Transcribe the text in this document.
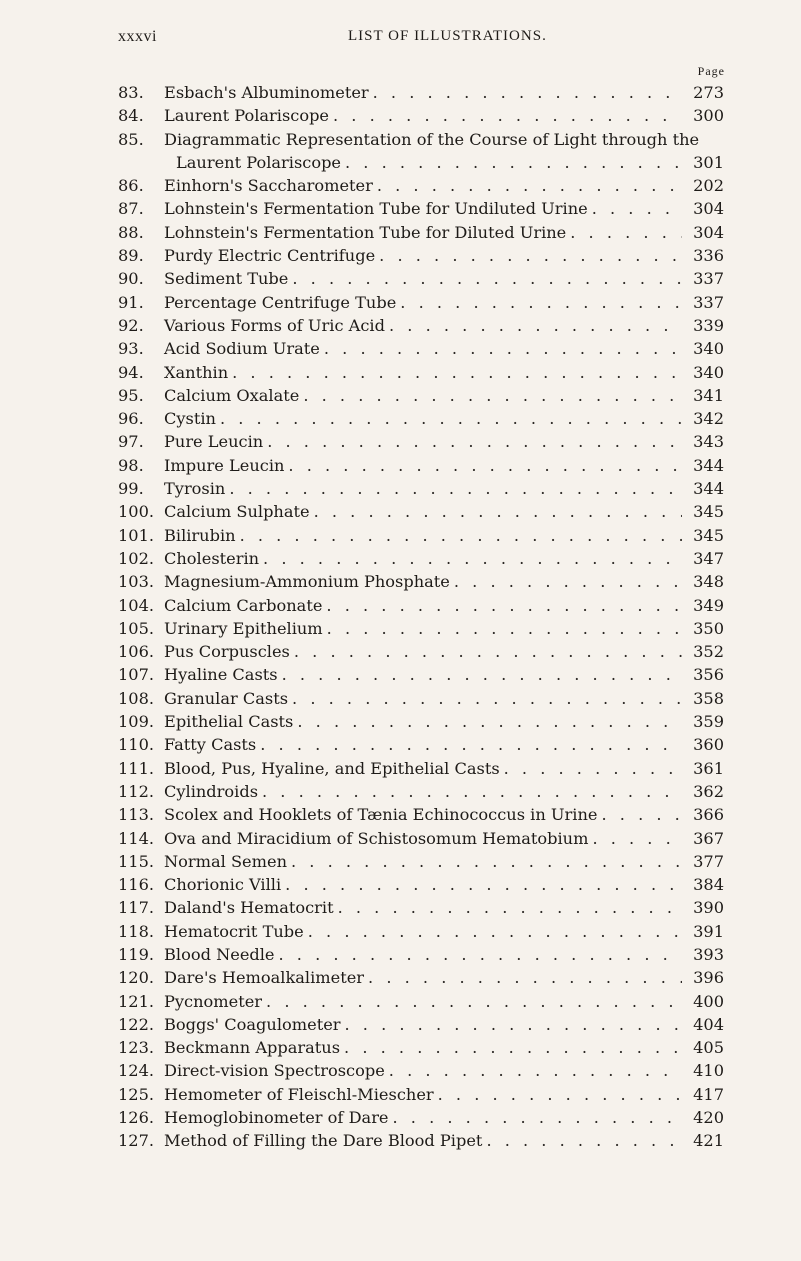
xxxvi	LIST OF ILLUSTRATIONS.
Page
83. Esbach's Albuminometer . . .	273
84. Laurent Polariscope . . .	300
85. Diagrammatic Representation of the Course of Light through the
Laurent Polariscope . . .	301
86. Einhorn's Saccharometer . . .	202
87. Lohnstein's Fermentation Tube for Undiluted Urine . . .	304
88. Lohnstein's Fermentation Tube for Diluted Urine . . .	304
89. Purdy Electric Centrifuge . . .	336
90. Sediment Tube . . .	337
91. Percentage Centrifuge Tube . . .	337
92. Various Forms of Uric Acid . . .	339
93. Acid Sodium Urate . . .	340
94. Xanthin . . .	340
95. Calcium Oxalate . . .	341
96. Cystin . . .	342
97. Pure Leucin . . .	343
98. Impure Leucin . . .	344
99. Tyrosin . . .	344
100. Calcium Sulphate . . .	345
101. Bilirubin . . .	345
102. Cholesterin . . .	347
103. Magnesium-Ammonium Phosphate . . .	348
104. Calcium Carbonate . . .	349
105. Urinary Epithelium . . .	350
106. Pus Corpuscles . . .	352
107. Hyaline Casts . . .	356
108. Granular Casts . . .	358
109. Epithelial Casts . . .	359
110. Fatty Casts . . .	360
111. Blood, Pus, Hyaline, and Epithelial Casts . . .	361
112. Cylindroids . . .	362
113. Scolex and Hooklets of Tænia Echinococcus in Urine . . .	366
114. Ova and Miracidium of Schistosomum Hematobium . . .	367
115. Normal Semen . . .	377
116. Chorionic Villi . . .	384
117. Daland's Hematocrit . . .	390
118. Hematocrit Tube . . .	391
119. Blood Needle . . .	393
120. Dare's Hemoalkalimeter . . .	396
121. Pycnometer . . .	400
122. Boggs' Coagulometer . . .	404
123. Beckmann Apparatus . . .	405
124. Direct-vision Spectroscope . . .	410
125. Hemometer of Fleischl-Miescher . . .	417
126. Hemoglobinometer of Dare . . .	420
127. Method of Filling the Dare Blood Pipet . . .	421
